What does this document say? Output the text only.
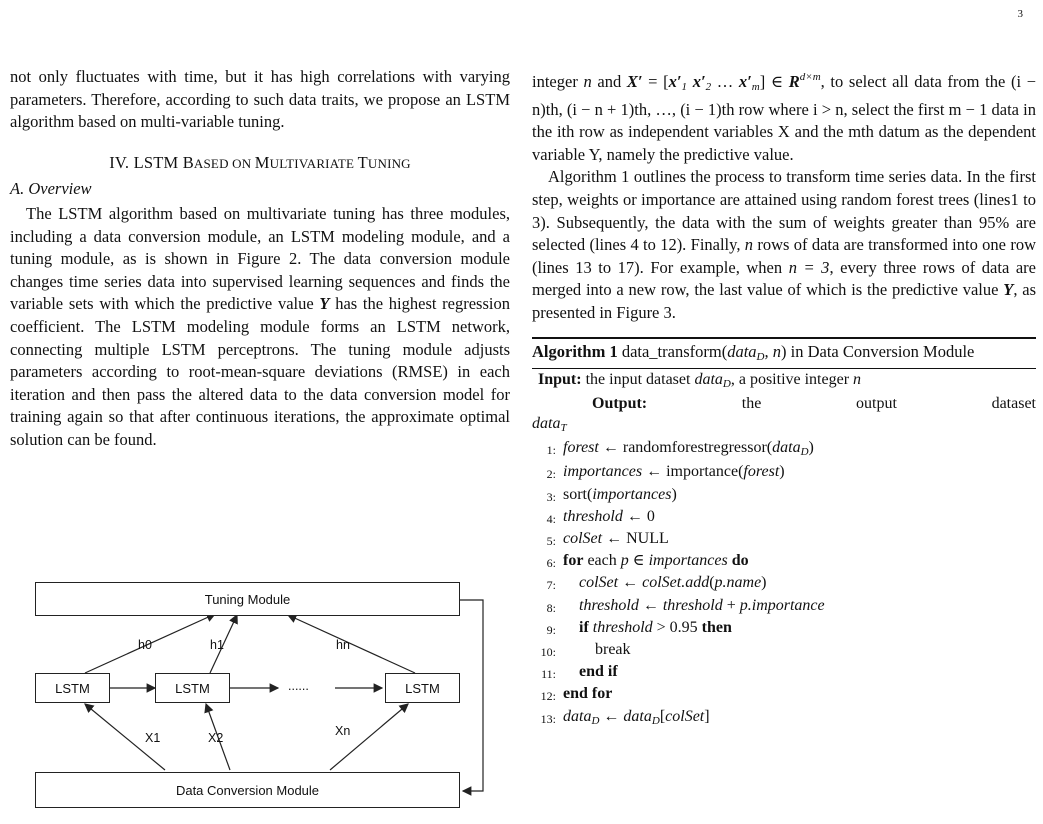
3

not only fluctuates with time, but it has high correlations with varying parameters. Therefore, according to such data traits, we propose an LSTM algorithm based on multi-variable tuning.

IV. LSTM BASED ON MULTIVARIATE TUNING
A. Overview

The LSTM algorithm based on multivariate tuning has three modules, including a data conversion module, an LSTM modeling module, and a tuning module, as is shown in Figure 2. The data conversion module changes time series data into supervised learning sequences and finds the variable sets with which the predictive value Y has the highest regression coefficient. The LSTM modeling module forms an LSTM network, connecting multiple LSTM perceptrons. The tuning module adjusts parameters according to root-mean-square deviations (RMSE) in each iteration and then pass the altered data to the data conversion model for training again so that after continuous iterations, the approximate optimal solution can be found.

Tuning Module
LSTM	LSTM	LSTM
Data Conversion Module
......
h0	h1	hn
X1	X2	Xn

integer n and $X' = [x'_1$ $x'_2$ … $x'_m$] ∈ $R^{d\times m}$, to select all data from the (i − n)th, (i − n + 1)th, …, (i − 1)th row where i > n, select the first m − 1 data in the ith row as independent variables X and the mth datum as the dependent variable Y, namely the predictive value.

Algorithm 1 outlines the process to transform time series data. In the first step, weights or importance are attained using random forest trees (lines1 to 3). Subsequently, the data with the sum of weights greater than 95% are selected (lines 4 to 12). Finally, n rows of data are transformed into one row (lines 13 to 17). For example, when n = 3, every three rows of data are merged into a new row, the last value of which is the predictive value Y, as presented in Figure 3.

Algorithm 1 data_transform(data$_D$, n) in Data Conversion Module
Input: the input dataset data$_D$, a positive integer n
Output:	the	output	dataset
data$_T$
1: forest ← randomforestregressor(data$_D$)
2: importances ← importance(forest)
3: sort(importances)
4: threshold ← 0
5: colSet ← NULL
6: for each p ∈ importances do
7:	colSet ← colSet.add(p.name)
8:	threshold ← threshold + p.importance
9:	if threshold > 0.95 then
10:	break
11:	end if
12: end for
13: data$_D$ ← data$_D$[colSet]
